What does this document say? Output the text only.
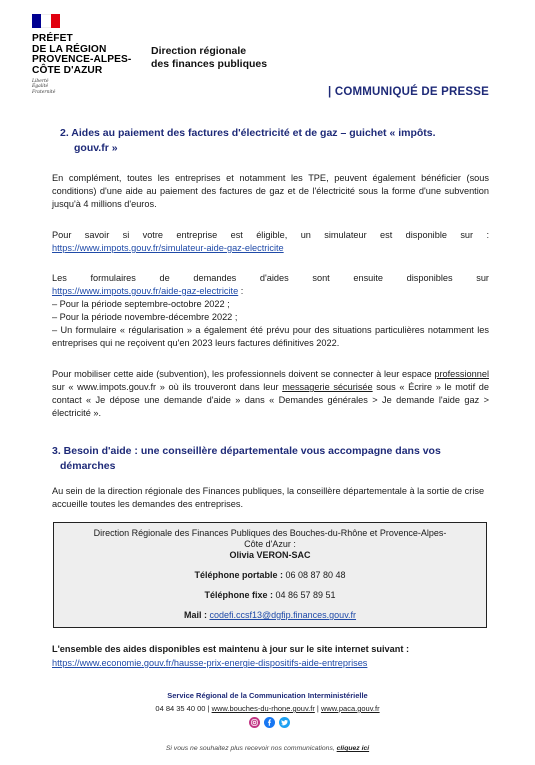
PRÉFET
DE LA RÉGION
PROVENCE-ALPES-
CÔTE D'AZUR
Liberté
Égalité
Fraternité
Direction régionale
des finances publiques
| COMMUNIQUÉ DE PRESSE
2. Aides au paiement des factures d'électricité et de gaz – guichet « impôts.
gouv.fr »
En complément, toutes les entreprises et notamment les TPE, peuvent également bénéficier (sous conditions) d'une aide au paiement des factures de gaz et de l'électricité sous la forme d'une subvention jusqu'à 4 millions d'euros.
Pour savoir si votre entreprise est éligible, un simulateur est disponible sur :
https://www.impots.gouv.fr/simulateur-aide-gaz-electricite
Les formulaires de demandes d'aides sont ensuite disponibles sur
https://www.impots.gouv.fr/aide-gaz-electricite :
– Pour la période septembre-octobre 2022 ;
– Pour la période novembre-décembre 2022 ;
– Un formulaire « régularisation » a également été prévu pour des situations particulières notamment les entreprises qui ne reçoivent qu'en 2023 leurs factures définitives 2022.
Pour mobiliser cette aide (subvention), les professionnels doivent se connecter à leur espace professionnel sur « www.impots.gouv.fr » où ils trouveront dans leur messagerie sécurisée sous « Écrire » le motif de contact « Je dépose une demande d'aide » dans « Demandes générales > Je demande l'aide gaz > électricité ».
3. Besoin d'aide : une conseillère départementale vous accompagne dans vos
démarches
Au sein de la direction régionale des Finances publiques, la conseillère départementale à la sortie de crise accueille toutes les demandes des entreprises.
Direction Régionale des Finances Publiques des Bouches-du-Rhône et Provence-Alpes-
Côte d'Azur :
Olivia VERON-SAC
Téléphone portable : 06 08 87 80 48
Téléphone fixe : 04 86 57 89 51
Mail : codefi.ccsf13@dgfip.finances.gouv.fr
L'ensemble des aides disponibles est maintenu à jour sur le site internet suivant :
https://www.economie.gouv.fr/hausse-prix-energie-dispositifs-aide-entreprises
Service Régional de la Communication Interministérielle
04 84 35 40 00 | www.bouches-du-rhone.gouv.fr | www.paca.gouv.fr
Si vous ne souhaitez plus recevoir nos communications, cliquez ici
